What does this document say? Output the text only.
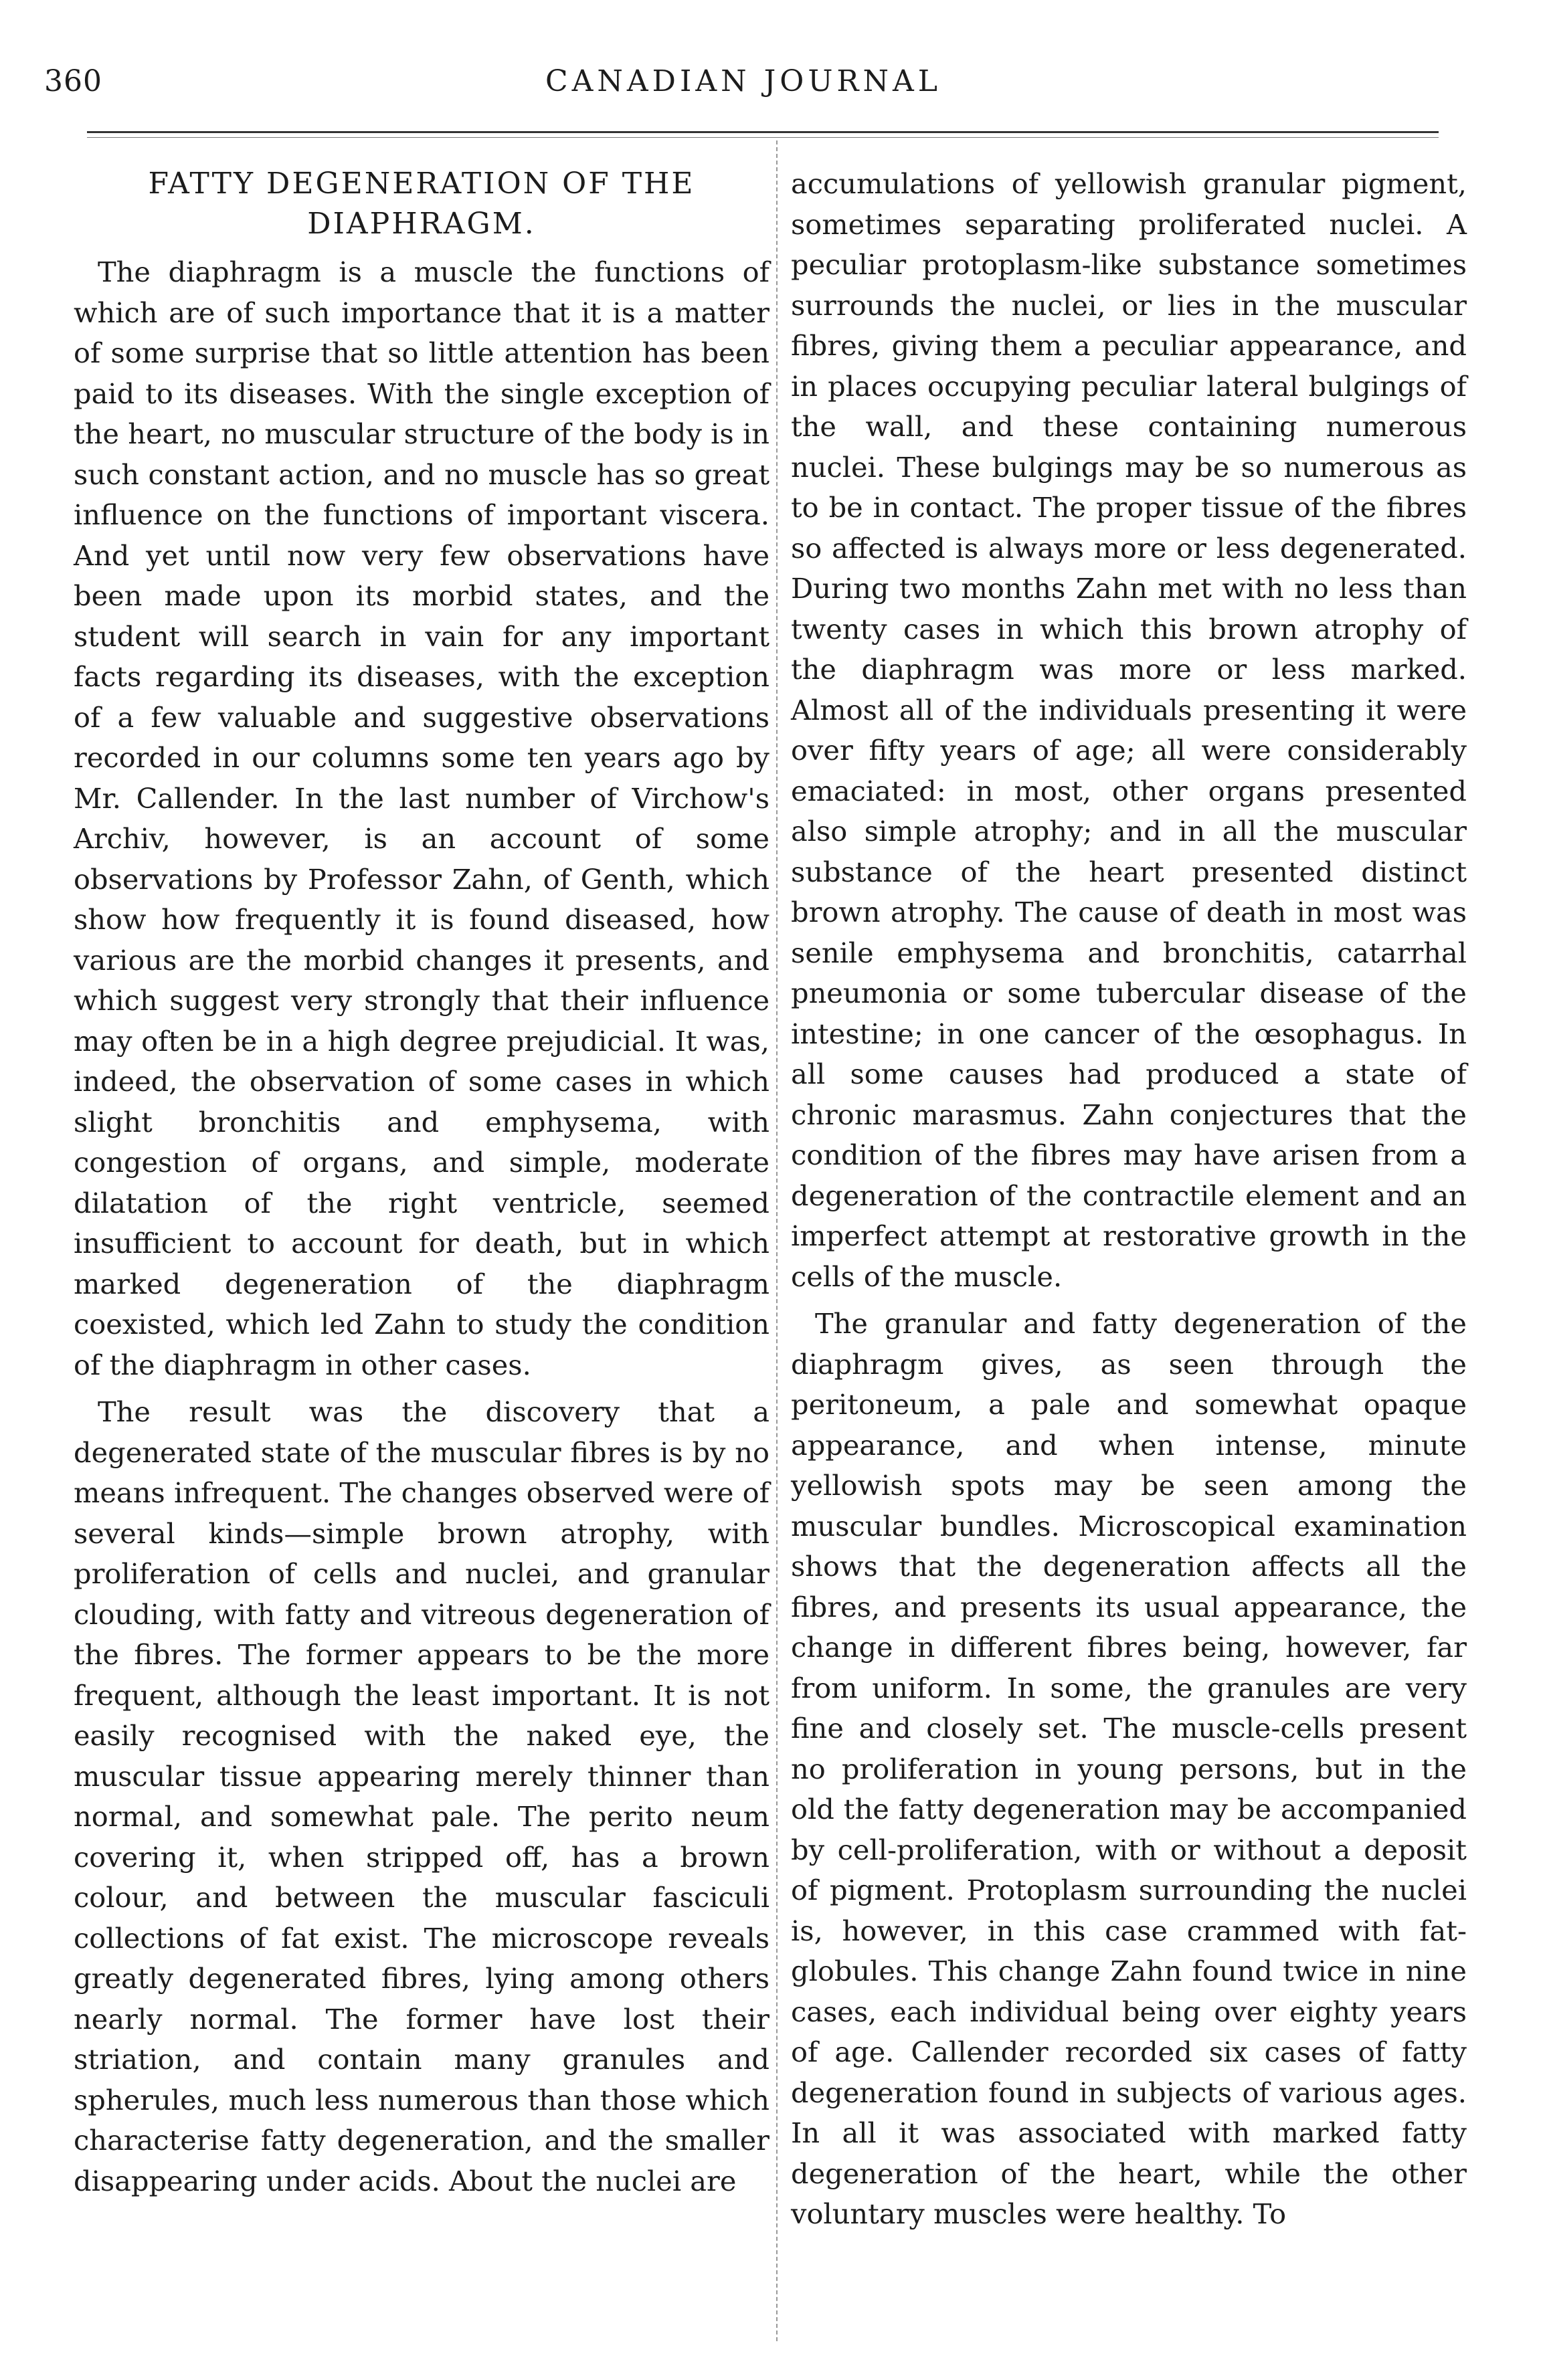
360	CANADIAN JOURNAL
FATTY DEGENERATION OF THE
DIAPHRAGM.

The diaphragm is a muscle the functions of which are of such importance that it is a matter of some surprise that so little attention has been paid to its diseases. With the single exception of the heart, no muscular structure of the body is in such constant action, and no muscle has so great influence on the functions of important viscera. And yet until now very few observations have been made upon its morbid states, and the student will search in vain for any important facts regarding its diseases, with the exception of a few valuable and suggestive observations recorded in our columns some ten years ago by Mr. Callender. In the last number of Virchow's Archiv, however, is an account of some observations by Professor Zahn, of Genth, which show how frequently it is found diseased, how various are the morbid changes it presents, and which suggest very strongly that their influence may often be in a high degree prejudicial. It was, indeed, the observation of some cases in which slight bronchitis and emphysema, with congestion of organs, and simple, moderate dilatation of the right ventricle, seemed insufficient to account for death, but in which marked degeneration of the diaphragm coexisted, which led Zahn to study the condition of the diaphragm in other cases.

The result was the discovery that a degenerated state of the muscular fibres is by no means infrequent. The changes observed were of several kinds—simple brown atrophy, with proliferation of cells and nuclei, and granular clouding, with fatty and vitreous degeneration of the fibres. The former appears to be the more frequent, although the least important. It is not easily recognised with the naked eye, the muscular tissue appearing merely thinner than normal, and somewhat pale. The perito neum covering it, when stripped off, has a brown colour, and between the muscular fasciculi collections of fat exist. The microscope reveals greatly degenerated fibres, lying among others nearly normal. The former have lost their striation, and contain many granules and spherules, much less numerous than those which characterise fatty degeneration, and the smaller disappearing under acids. About the nuclei are

accumulations of yellowish granular pigment, sometimes separating proliferated nuclei. A peculiar protoplasm-like substance sometimes surrounds the nuclei, or lies in the muscular fibres, giving them a peculiar appearance, and in places occupying peculiar lateral bulgings of the wall, and these containing numerous nuclei. These bulgings may be so numerous as to be in contact. The proper tissue of the fibres so affected is always more or less degenerated. During two months Zahn met with no less than twenty cases in which this brown atrophy of the diaphragm was more or less marked. Almost all of the individuals presenting it were over fifty years of age; all were considerably emaciated: in most, other organs presented also simple atrophy; and in all the muscular substance of the heart presented distinct brown atrophy. The cause of death in most was senile emphysema and bronchitis, catarrhal pneumonia or some tubercular disease of the intestine; in one cancer of the œsophagus. In all some causes had produced a state of chronic marasmus. Zahn conjectures that the condition of the fibres may have arisen from a degeneration of the contractile element and an imperfect attempt at restorative growth in the cells of the muscle.

The granular and fatty degeneration of the diaphragm gives, as seen through the peritoneum, a pale and somewhat opaque appearance, and when intense, minute yellowish spots may be seen among the muscular bundles. Microscopical examination shows that the degeneration affects all the fibres, and presents its usual appearance, the change in different fibres being, however, far from uniform. In some, the granules are very fine and closely set. The muscle-cells present no proliferation in young persons, but in the old the fatty degeneration may be accompanied by cell-proliferation, with or without a deposit of pigment. Protoplasm surrounding the nuclei is, however, in this case crammed with fat-globules. This change Zahn found twice in nine cases, each individual being over eighty years of age. Callender recorded six cases of fatty degeneration found in subjects of various ages. In all it was associated with marked fatty degeneration of the heart, while the other voluntary muscles were healthy. To
